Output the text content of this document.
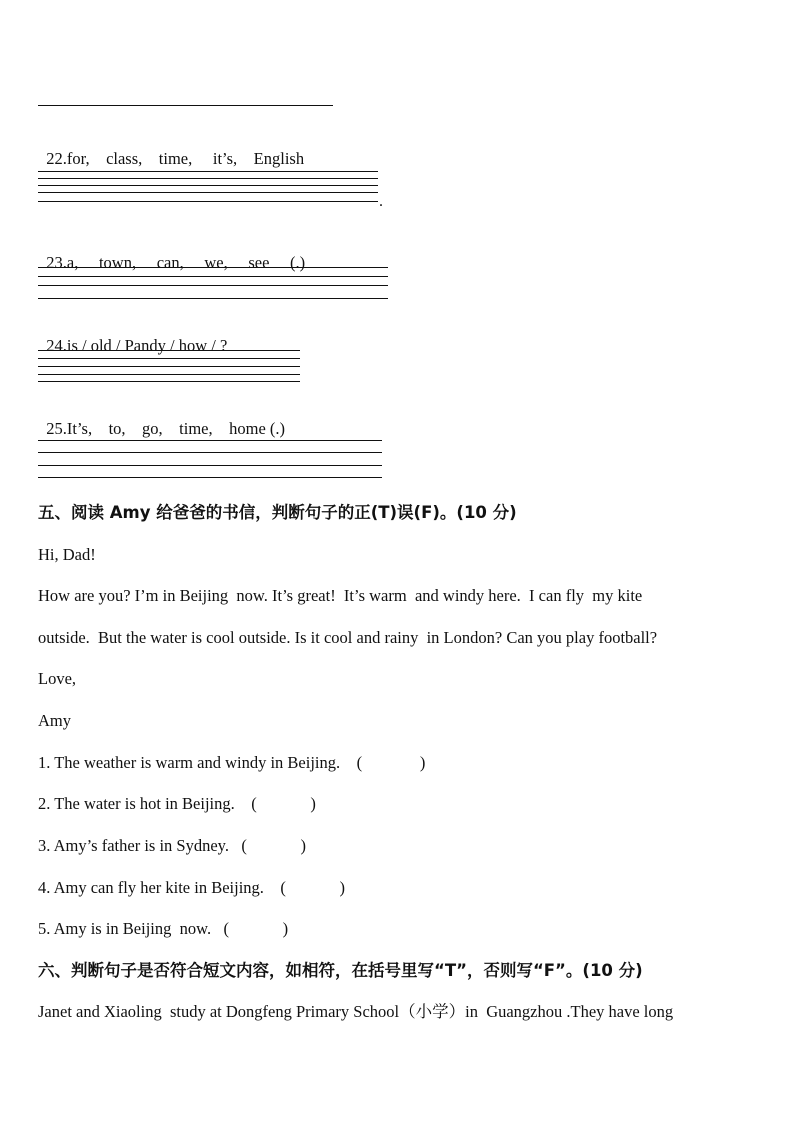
22.for,    class,    time,     it’s,    English

.

23.a,     town,     can,     we,     see     (.)

24.is / old / Pandy / how / ?

25.It’s,    to,    go,    time,    home (.)

五、阅读 Amy 给爸爸的书信，判断句子的正(T)误(F)。(10 分)
Hi, Dad!
How are you? I’m in Beijing  now. It’s great!  It’s warm  and windy here.  I can fly  my kite
outside.  But the water is cool outside. Is it cool and rainy  in London? Can you play football?
Love,
Amy
1. The weather is warm and windy in Beijing.    (              )
2. The water is hot in Beijing.    (             )
3. Amy’s father is in Sydney.   (             )
4. Amy can fly her kite in Beijing.    (             )
5. Amy is in Beijing  now.   (             )
六、判断句子是否符合短文内容，如相符，在括号里写“T”，否则写“F”。(10 分)
Janet and Xiaoling  study at Dongfeng Primary School（小学）in  Guangzhou .They have long
